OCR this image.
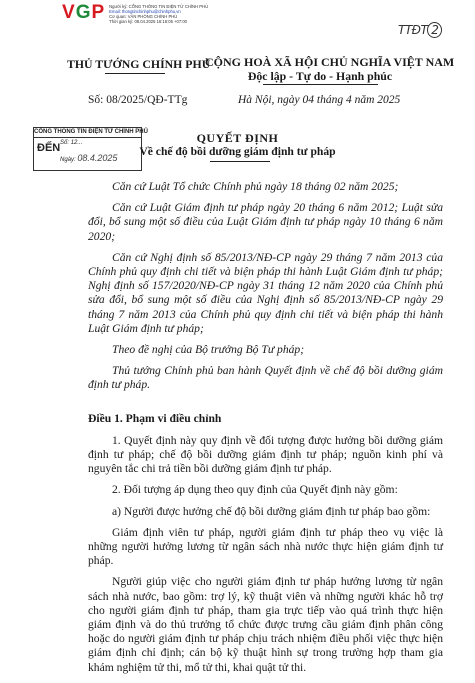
VGP Người ký: CỔNG THÔNG TIN ĐIỆN TỬ CHÍNH PHỦ
Email: thongtinchinhphu@chinhphu.vn
Cơ quan: VĂN PHÒNG CHÍNH PHỦ
Thời gian ký: 08.04.2025 16:18:05 +07:00
TTĐT 2
THỦ TƯỚNG CHÍNH PHỦ
CỘNG HOÀ XÃ HỘI CHỦ NGHĨA VIỆT NAM
Độc lập - Tự do - Hạnh phúc
Số: 08/2025/QĐ-TTg	Hà Nội, ngày 04 tháng 4 năm 2025
CỔNG THÔNG TIN ĐIỆN TỬ CHÍNH PHỦ
ĐẾN Số: 12...
Ngày: 08.4.2025
QUYẾT ĐỊNH
Về chế độ bồi dưỡng giám định tư pháp

Căn cứ Luật Tổ chức Chính phủ ngày 18 tháng 02 năm 2025;

Căn cứ Luật Giám định tư pháp ngày 20 tháng 6 năm 2012; Luật sửa đổi, bổ sung một số điều của Luật Giám định tư pháp ngày 10 tháng 6 năm 2020;

Căn cứ Nghị định số 85/2013/NĐ-CP ngày 29 tháng 7 năm 2013 của Chính phủ quy định chi tiết và biện pháp thi hành Luật Giám định tư pháp; Nghị định số 157/2020/NĐ-CP ngày 31 tháng 12 năm 2020 của Chính phủ sửa đổi, bổ sung một số điều của Nghị định số 85/2013/NĐ-CP ngày 29 tháng 7 năm 2013 của Chính phủ quy định chi tiết và biện pháp thi hành Luật Giám định tư pháp;

Theo đề nghị của Bộ trưởng Bộ Tư pháp;

Thủ tướng Chính phủ ban hành Quyết định về chế độ bồi dưỡng giám định tư pháp.

Điều 1. Phạm vi điều chỉnh

1. Quyết định này quy định về đối tượng được hưởng bồi dưỡng giám định tư pháp; chế độ bồi dưỡng giám định tư pháp; nguồn kinh phí và nguyên tắc chi trả tiền bồi dưỡng giám định tư pháp.

2. Đối tượng áp dụng theo quy định của Quyết định này gồm:

a) Người được hưởng chế độ bồi dưỡng giám định tư pháp bao gồm:

Giám định viên tư pháp, người giám định tư pháp theo vụ việc là những người hưởng lương từ ngân sách nhà nước thực hiện giám định tư pháp.

Người giúp việc cho người giám định tư pháp hưởng lương từ ngân sách nhà nước, bao gồm: trợ lý, kỹ thuật viên và những người khác hỗ trợ cho người giám định tư pháp, tham gia trực tiếp vào quá trình thực hiện giám định và do thủ trưởng tổ chức được trưng cầu giám định phân công hoặc do người giám định tư pháp chịu trách nhiệm điều phối việc thực hiện giám định chỉ định; cán bộ kỹ thuật hình sự trong trường hợp tham gia khám nghiệm tử thi, mổ tử thi, khai quật tử thi.
